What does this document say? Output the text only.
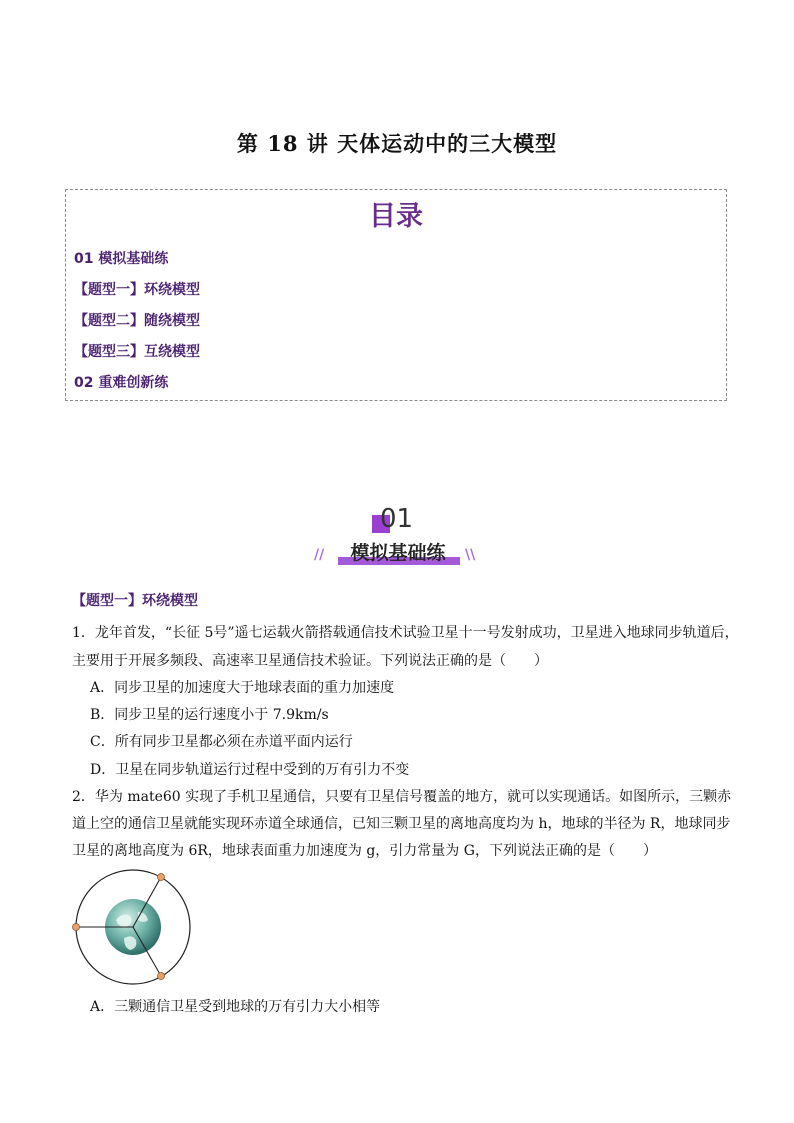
第 18 讲 天体运动中的三大模型
目录
01 模拟基础练
【题型一】环绕模型
【题型二】随绕模型
【题型三】互绕模型
02 重难创新练
01
//	模拟基础练	\\
【题型一】环绕模型
1．龙年首发，“长征 5号”遥七运载火箭搭载通信技术试验卫星十一号发射成功，卫星进入地球同步轨道后，
主要用于开展多频段、高速率卫星通信技术验证。下列说法正确的是（　　）
A．同步卫星的加速度大于地球表面的重力加速度
B．同步卫星的运行速度小于 7.9km/s
C．所有同步卫星都必须在赤道平面内运行
D．卫星在同步轨道运行过程中受到的万有引力不变
2．华为 mate60 实现了手机卫星通信，只要有卫星信号覆盖的地方，就可以实现通话。如图所示，三颗赤
道上空的通信卫星就能实现环赤道全球通信，已知三颗卫星的离地高度均为 h，地球的半径为 R，地球同步
卫星的离地高度为 6R，地球表面重力加速度为 g，引力常量为 G，下列说法正确的是（　　）
A．三颗通信卫星受到地球的万有引力大小相等
